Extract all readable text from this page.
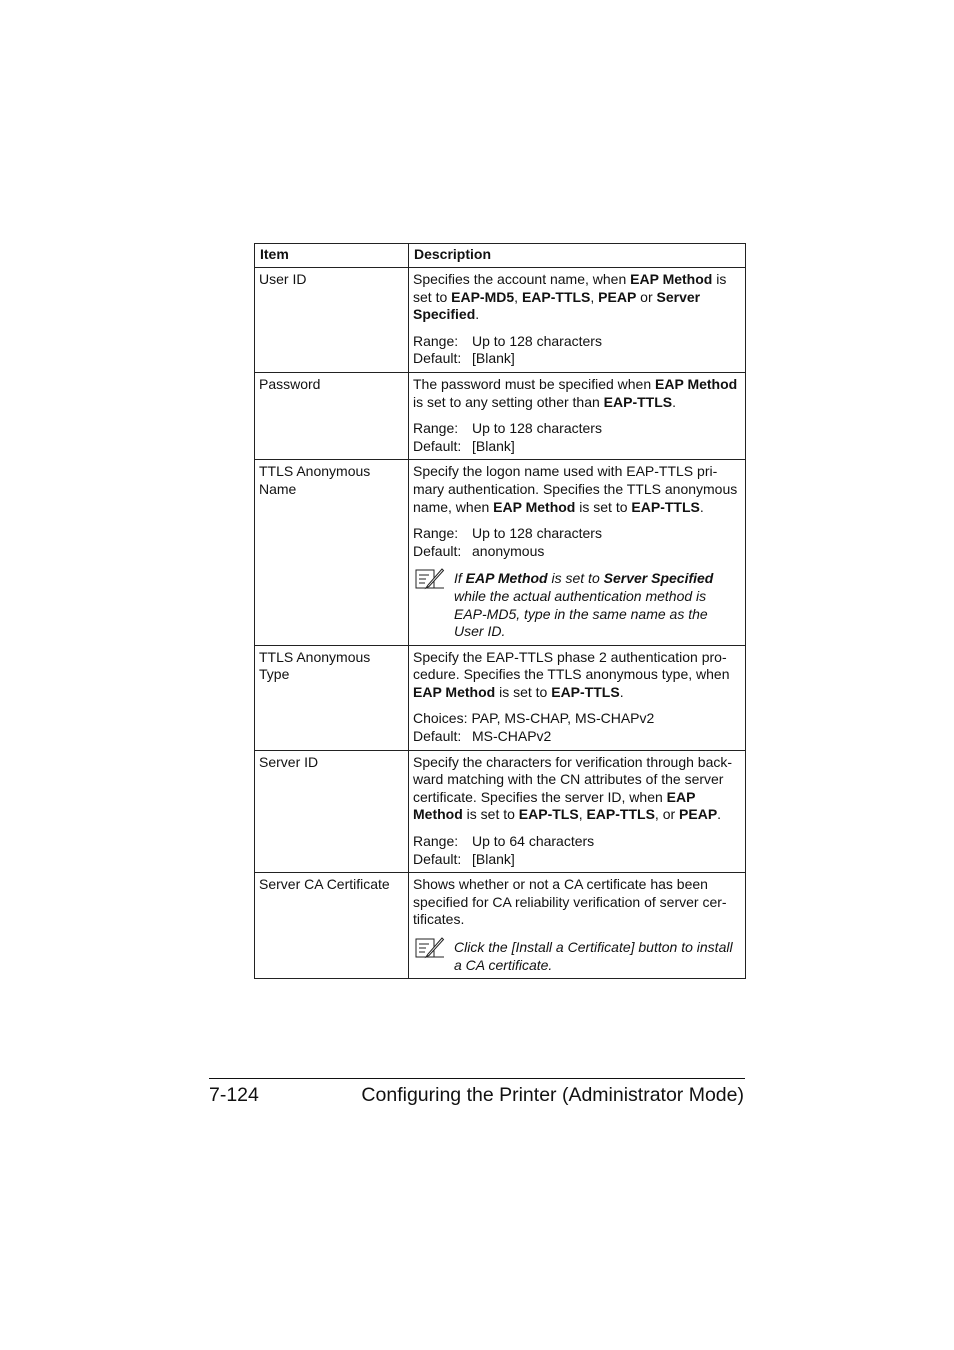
Item	Description
User ID	Specifies the account name, when EAP Method is set to EAP-MD5, EAP-TTLS, PEAP or Server Specified.

Range: Up to 128 characters
Default: [Blank]

Password	The password must be specified when EAP Method is set to any setting other than EAP-TTLS.

Range: Up to 128 characters
Default: [Blank]

TTLS Anonymous Name	Specify the logon name used with EAP-TTLS primary authentication. Specifies the TTLS anonymous name, when EAP Method is set to EAP-TTLS.

Range: Up to 128 characters
Default: anonymous
If EAP Method is set to Server Specified while the actual authentication method is EAP-MD5, type in the same name as the User ID.

TTLS Anonymous Type	Specify the EAP-TTLS phase 2 authentication procedure. Specifies the TTLS anonymous type, when EAP Method is set to EAP-TTLS.

Choices: PAP, MS-CHAP, MS-CHAPv2
Default: MS-CHAPv2

Server ID	Specify the characters for verification through backward matching with the CN attributes of the server certificate. Specifies the server ID, when EAP Method is set to EAP-TLS, EAP-TTLS, or PEAP.

Range: Up to 64 characters
Default: [Blank]

Server CA Certificate	Shows whether or not a CA certificate has been specified for CA reliability verification of server certificates.

Click the [Install a Certificate] button to install a CA certificate.
7-124	Configuring the Printer (Administrator Mode)
